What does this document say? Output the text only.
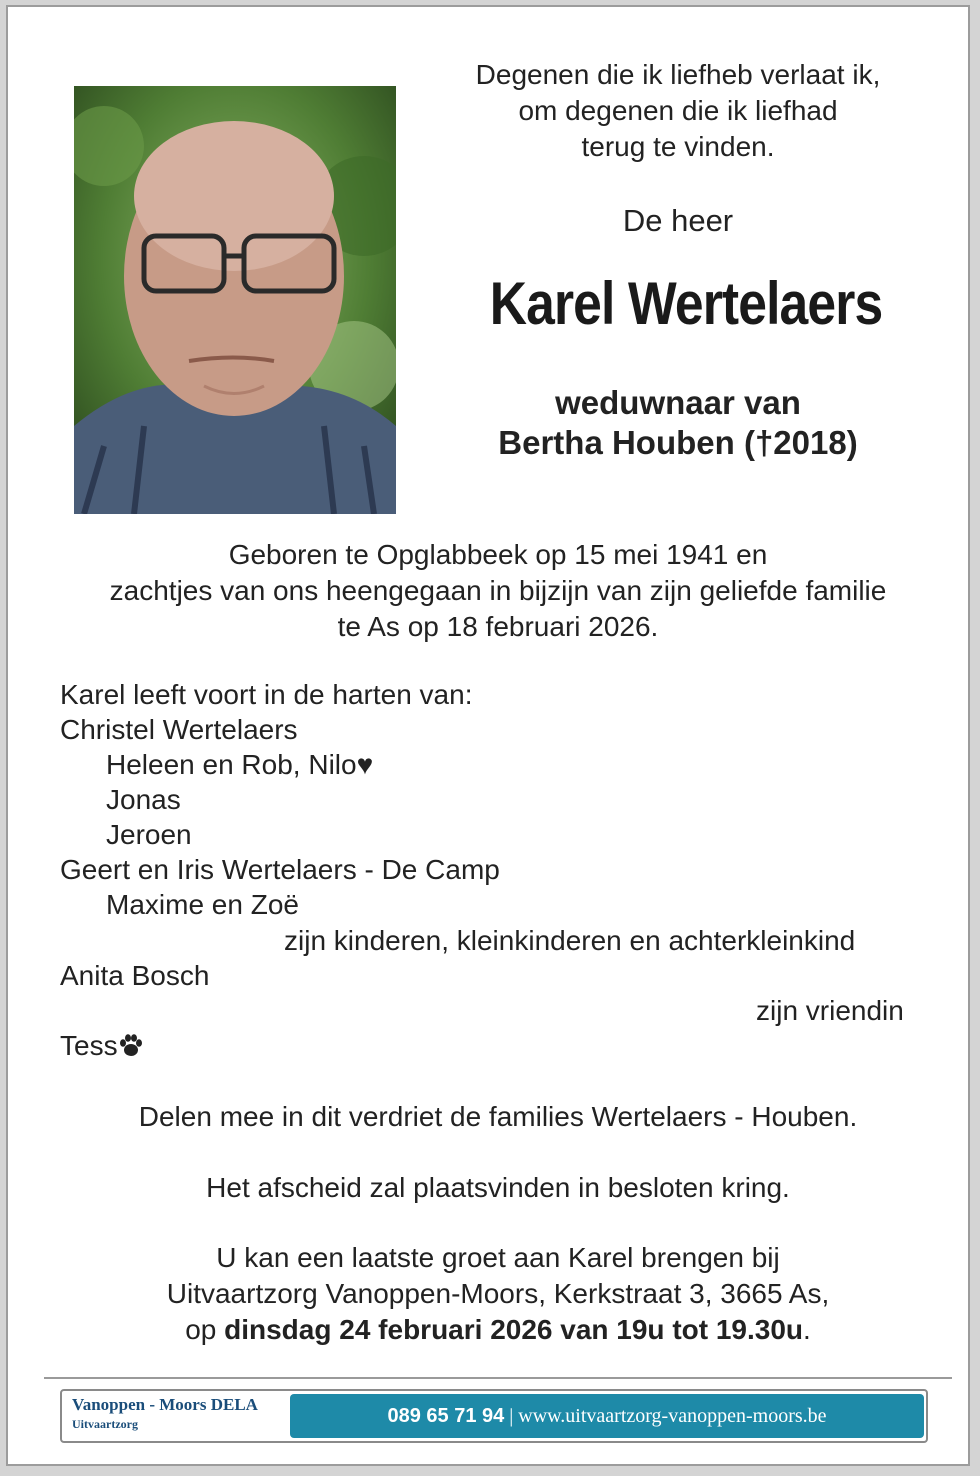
Degenen die ik liefheb verlaat ik,
om degenen die ik liefhad
terug te vinden.
De heer
Karel Wertelaers
weduwnaar van
Bertha Houben (†2018)
Geboren te Opglabbeek op 15 mei 1941 en
zachtjes van ons heengegaan in bijzijn van zijn geliefde familie
te As op 18 februari 2026.
Karel leeft voort in de harten van:
Christel Wertelaers
Heleen en Rob, Nilo♥
Jonas
Jeroen
Geert en Iris Wertelaers - De Camp
Maxime en Zoë
zijn kinderen, kleinkinderen en achterkleinkind
Anita Bosch
zijn vriendin
Tess
Delen mee in dit verdriet de families Wertelaers - Houben.
Het afscheid zal plaatsvinden in besloten kring.
U kan een laatste groet aan Karel brengen bij
Uitvaartzorg Vanoppen-Moors, Kerkstraat 3, 3665 As,
op dinsdag 24 februari 2026 van 19u tot 19.30u.
Vanoppen - Moors DELA
Uitvaartzorg	089 65 71 94 | www.uitvaartzorg-vanoppen-moors.be
